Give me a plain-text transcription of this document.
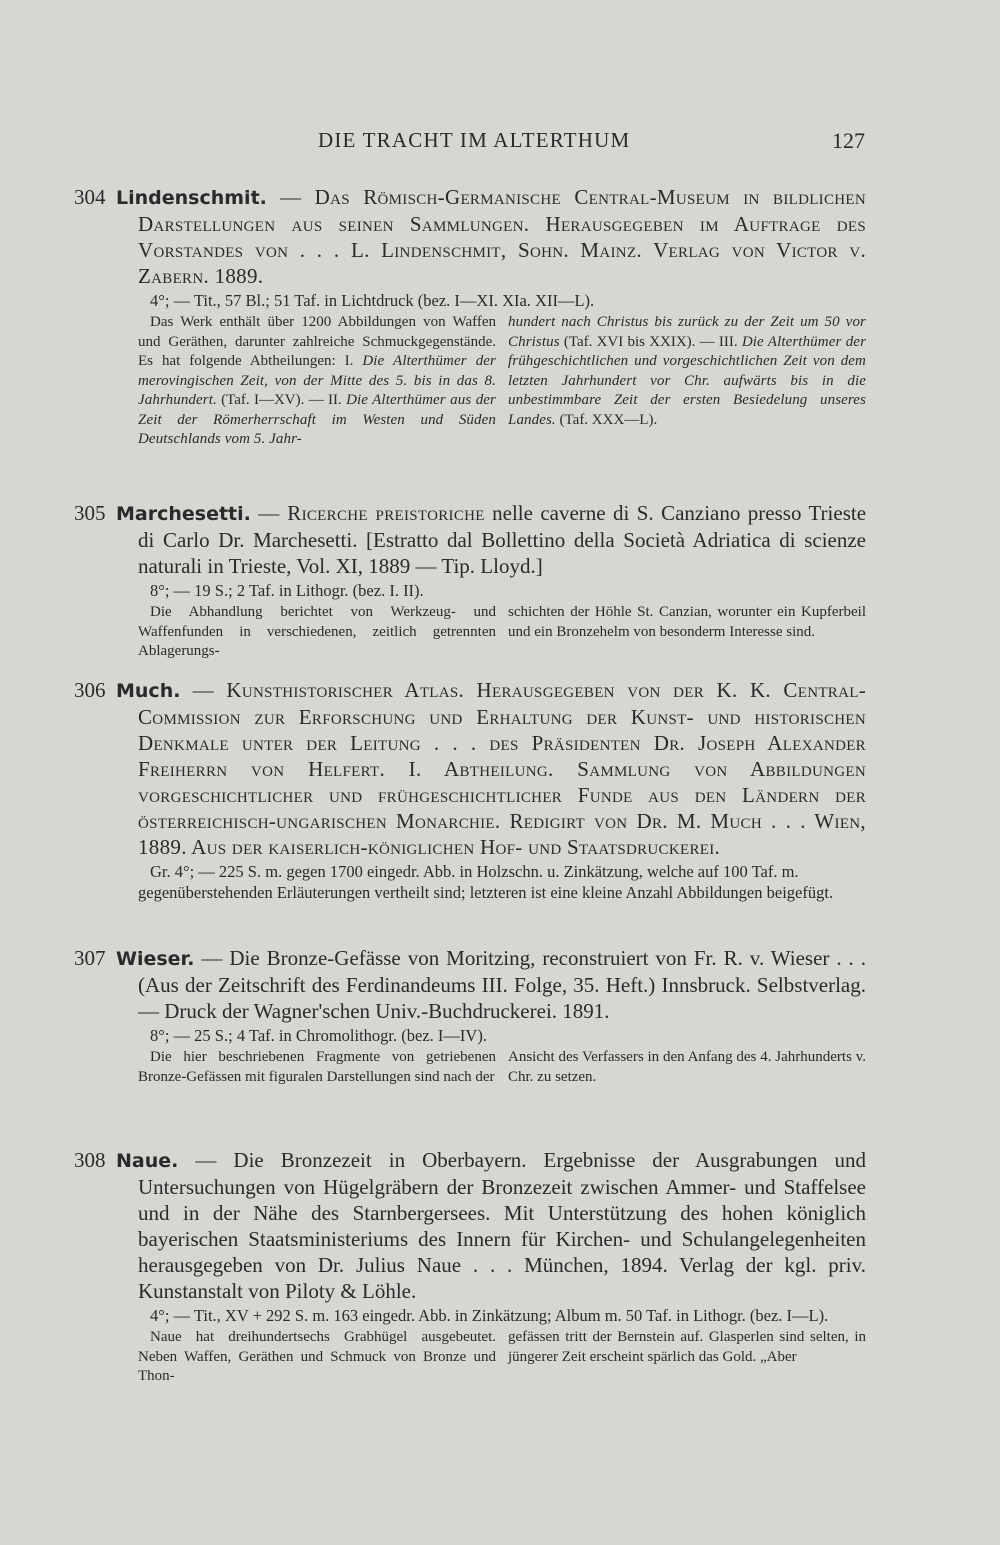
DIE TRACHT IM ALTERTHUM	127
304 Lindenschmit. — Das Römisch-Germanische Central-Museum in bildlichen Darstellungen aus seinen Sammlungen. Herausgegeben im Auftrage des Vorstandes von . . . L. Lindenschmit, Sohn. Mainz. Verlag von Victor v. Zabern. 1889.
4°; — Tit., 57 Bl.; 51 Taf. in Lichtdruck (bez. I—XI. XIa. XII—L).

Das Werk enthält über 1200 Abbildungen von Waffen und Geräthen, darunter zahlreiche Schmuckgegenstände. Es hat folgende Abtheilungen: I. Die Alterthümer der merovingischen Zeit, von der Mitte des 5. bis in das 8. Jahrhundert. (Taf. I—XV). — II. Die Alterthümer aus der Zeit der Römerherrschaft im Westen und Süden Deutschlands vom 5. Jahr-

hundert nach Christus bis zurück zu der Zeit um 50 vor Christus (Taf. XVI bis XXIX). — III. Die Alterthümer der frühgeschichtlichen und vorgeschichtlichen Zeit von dem letzten Jahrhundert vor Chr. aufwärts bis in die unbestimmbare Zeit der ersten Besiedelung unseres Landes. (Taf. XXX—L).

305 Marchesetti. — Ricerche preistoriche nelle caverne di S. Canziano presso Trieste di Carlo Dr. Marchesetti. [Estratto dal Bollettino della Società Adriatica di scienze naturali in Trieste, Vol. XI, 1889 — Tip. Lloyd.]
8°; — 19 S.; 2 Taf. in Lithogr. (bez. I. II).

Die Abhandlung berichtet von Werkzeug- und Waffenfunden in verschiedenen, zeitlich getrennten Ablagerungs-

schichten der Höhle St. Canzian, worunter ein Kupferbeil und ein Bronzehelm von besonderm Interesse sind.

306 Much. — Kunsthistorischer Atlas. Herausgegeben von der K. K. Central-Commission zur Erforschung und Erhaltung der Kunst- und historischen Denkmale unter der Leitung . . . des Präsidenten Dr. Joseph Alexander Freiherrn von Helfert. I. Abtheilung. Sammlung von Abbildungen vorgeschichtlicher und frühgeschichtlicher Funde aus den Ländern der österreichisch-ungarischen Monarchie. Redigirt von Dr. M. Much . . . Wien, 1889. Aus der kaiserlich-königlichen Hof- und Staatsdruckerei.
Gr. 4°; — 225 S. m. gegen 1700 eingedr. Abb. in Holzschn. u. Zinkätzung, welche auf 100 Taf. m. gegenüberstehenden Erläuterungen vertheilt sind; letzteren ist eine kleine Anzahl Abbildungen beigefügt.
307 Wieser. — Die Bronze-Gefässe von Moritzing, reconstruiert von Fr. R. v. Wieser . . . (Aus der Zeitschrift des Ferdinandeums III. Folge, 35. Heft.) Innsbruck. Selbstverlag. — Druck der Wagner'schen Univ.-Buchdruckerei. 1891.
8°; — 25 S.; 4 Taf. in Chromolithogr. (bez. I—IV).

Die hier beschriebenen Fragmente von getriebenen Bronze-Gefässen mit figuralen Darstellungen sind nach der

Ansicht des Verfassers in den Anfang des 4. Jahrhunderts v. Chr. zu setzen.

308 Naue. — Die Bronzezeit in Oberbayern. Ergebnisse der Ausgrabungen und Untersuchungen von Hügelgräbern der Bronzezeit zwischen Ammer- und Staffelsee und in der Nähe des Starnbergersees. Mit Unterstützung des hohen königlich bayerischen Staatsministeriums des Innern für Kirchen- und Schulangelegenheiten herausgegeben von Dr. Julius Naue . . . München, 1894. Verlag der kgl. priv. Kunstanstalt von Piloty & Löhle.
4°; — Tit., XV + 292 S. m. 163 eingedr. Abb. in Zinkätzung; Album m. 50 Taf. in Lithogr. (bez. I—L).

Naue hat dreihundertsechs Grabhügel ausgebeutet. Neben Waffen, Geräthen und Schmuck von Bronze und Thon-

gefässen tritt der Bernstein auf. Glasperlen sind selten, in jüngerer Zeit erscheint spärlich das Gold. „Aber
